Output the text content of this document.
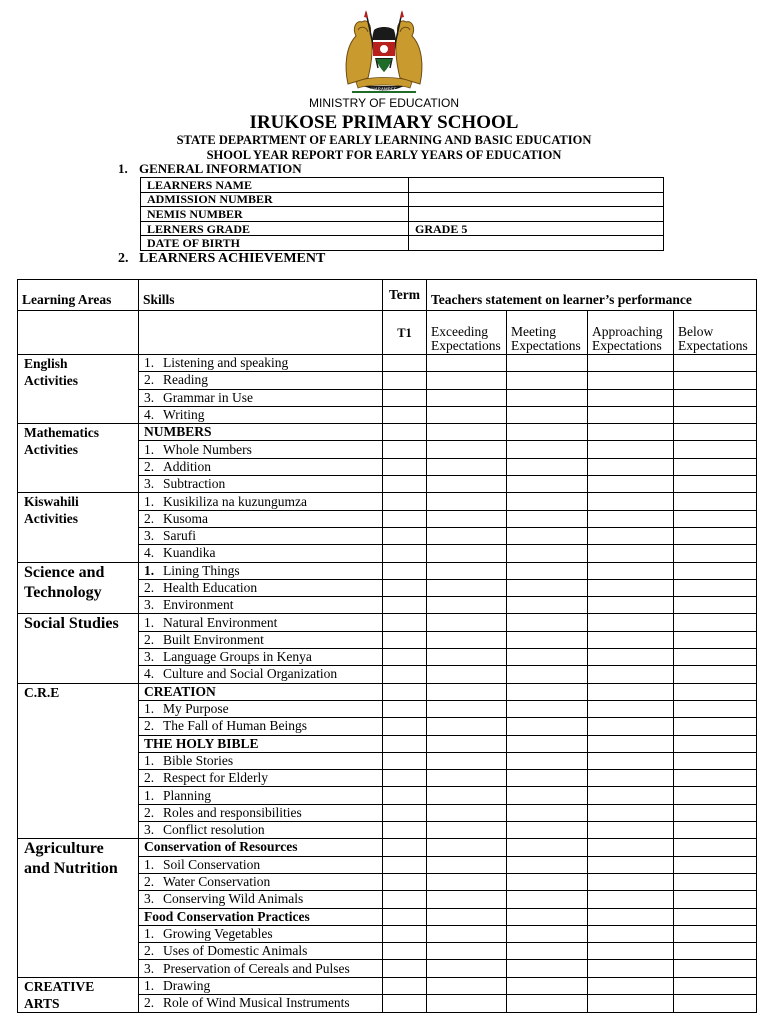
HARAMBEE
MINISTRY OF EDUCATION
IRUKOSE PRIMARY SCHOOL
STATE DEPARTMENT OF EARLY LEARNING AND BASIC EDUCATION
SHOOL YEAR REPORT FOR EARLY YEARS OF EDUCATION
1. GENERAL INFORMATION
LEARNERS NAME	
ADMISSION NUMBER	
NEMIS NUMBER	
LERNERS GRADE	GRADE 5
DATE OF BIRTH	
2. LEARNERS ACHIEVEMENT
Learning Areas	Skills	Term	Teachers statement on learner’s performance			
		T1	Exceeding
Expectations	Meeting
Expectations	Approaching
Expectations	Below
Expectations
English
Activities	1. Listening and speaking					
	2. Reading					
	3. Grammar in Use					
	4. Writing					
Mathematics
Activities	NUMBERS					
	1. Whole Numbers					
	2. Addition					
	3. Subtraction					
Kiswahili
Activities	1. Kusikiliza na kuzungumza					
	2. Kusoma					
	3. Sarufi					
	4. Kuandika					
Science and
Technology	1. Lining Things					
	2. Health Education					
	3. Environment					
Social Studies	1. Natural Environment					
	2. Built Environment					
	3. Language Groups in Kenya					
	4. Culture and Social Organization					
C.R.E	CREATION					
	1. My Purpose					
	2. The Fall of Human Beings					
	THE HOLY BIBLE					
	1. Bible Stories					
	2. Respect for Elderly					
	1. Planning					
	2. Roles and responsibilities					
	3. Conflict resolution					
Agriculture
and Nutrition	Conservation of Resources					
	1. Soil Conservation					
	2. Water Conservation					
	3. Conserving Wild Animals					
	Food Conservation Practices					
	1. Growing Vegetables					
	2. Uses of Domestic Animals					
	3. Preservation of Cereals and Pulses					
CREATIVE
ARTS	1. Drawing					
	2. Role of Wind Musical Instruments					
